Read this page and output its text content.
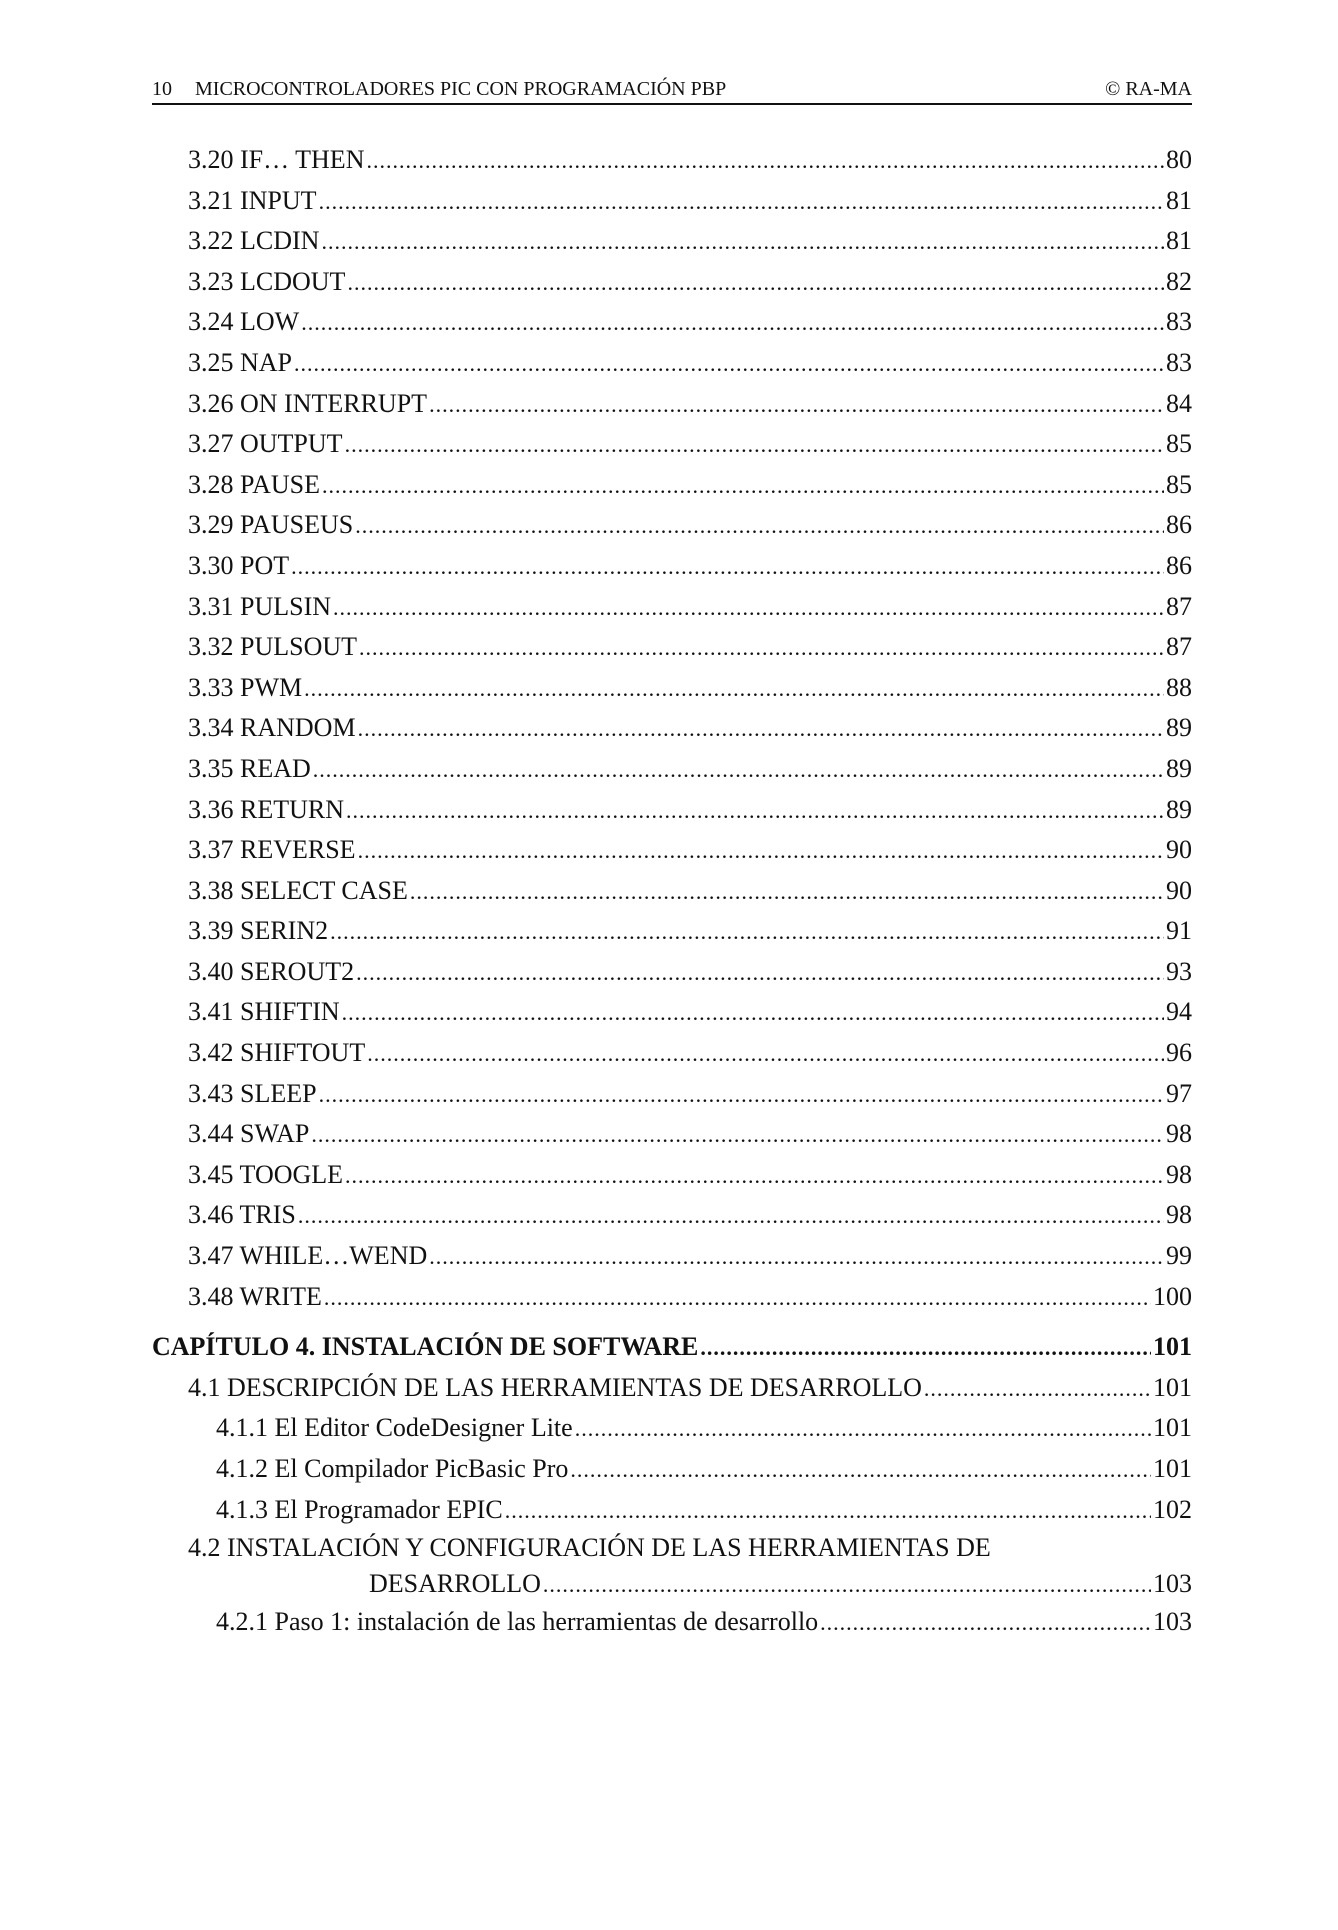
10 MICROCONTROLADORES PIC CON PROGRAMACIÓN PBP	© RA-MA
3.20 IF… THEN .....	80
3.21 INPUT .....	81
3.22 LCDIN .....	81
3.23 LCDOUT .....	82
3.24 LOW .....	83
3.25 NAP .....	83
3.26 ON INTERRUPT .....	84
3.27 OUTPUT .....	85
3.28 PAUSE .....	85
3.29 PAUSEUS .....	86
3.30 POT .....	86
3.31 PULSIN .....	87
3.32 PULSOUT .....	87
3.33 PWM .....	88
3.34 RANDOM .....	89
3.35 READ .....	89
3.36 RETURN .....	89
3.37 REVERSE .....	90
3.38 SELECT CASE .....	90
3.39 SERIN2 .....	91
3.40 SEROUT2 .....	93
3.41 SHIFTIN .....	94
3.42 SHIFTOUT .....	96
3.43 SLEEP .....	97
3.44 SWAP .....	98
3.45 TOOGLE .....	98
3.46 TRIS .....	98
3.47 WHILE…WEND .....	99
3.48 WRITE .....	100
CAPÍTULO 4. INSTALACIÓN DE SOFTWARE .....	101
4.1 DESCRIPCIÓN DE LAS HERRAMIENTAS DE DESARROLLO .....	101
4.1.1 El Editor CodeDesigner Lite .....	101
4.1.2 El Compilador PicBasic Pro .....	101
4.1.3 El Programador EPIC .....	102
4.2 INSTALACIÓN Y CONFIGURACIÓN DE LAS HERRAMIENTAS DE
DESARROLLO .....	103
4.2.1 Paso 1: instalación de las herramientas de desarrollo .....	103
